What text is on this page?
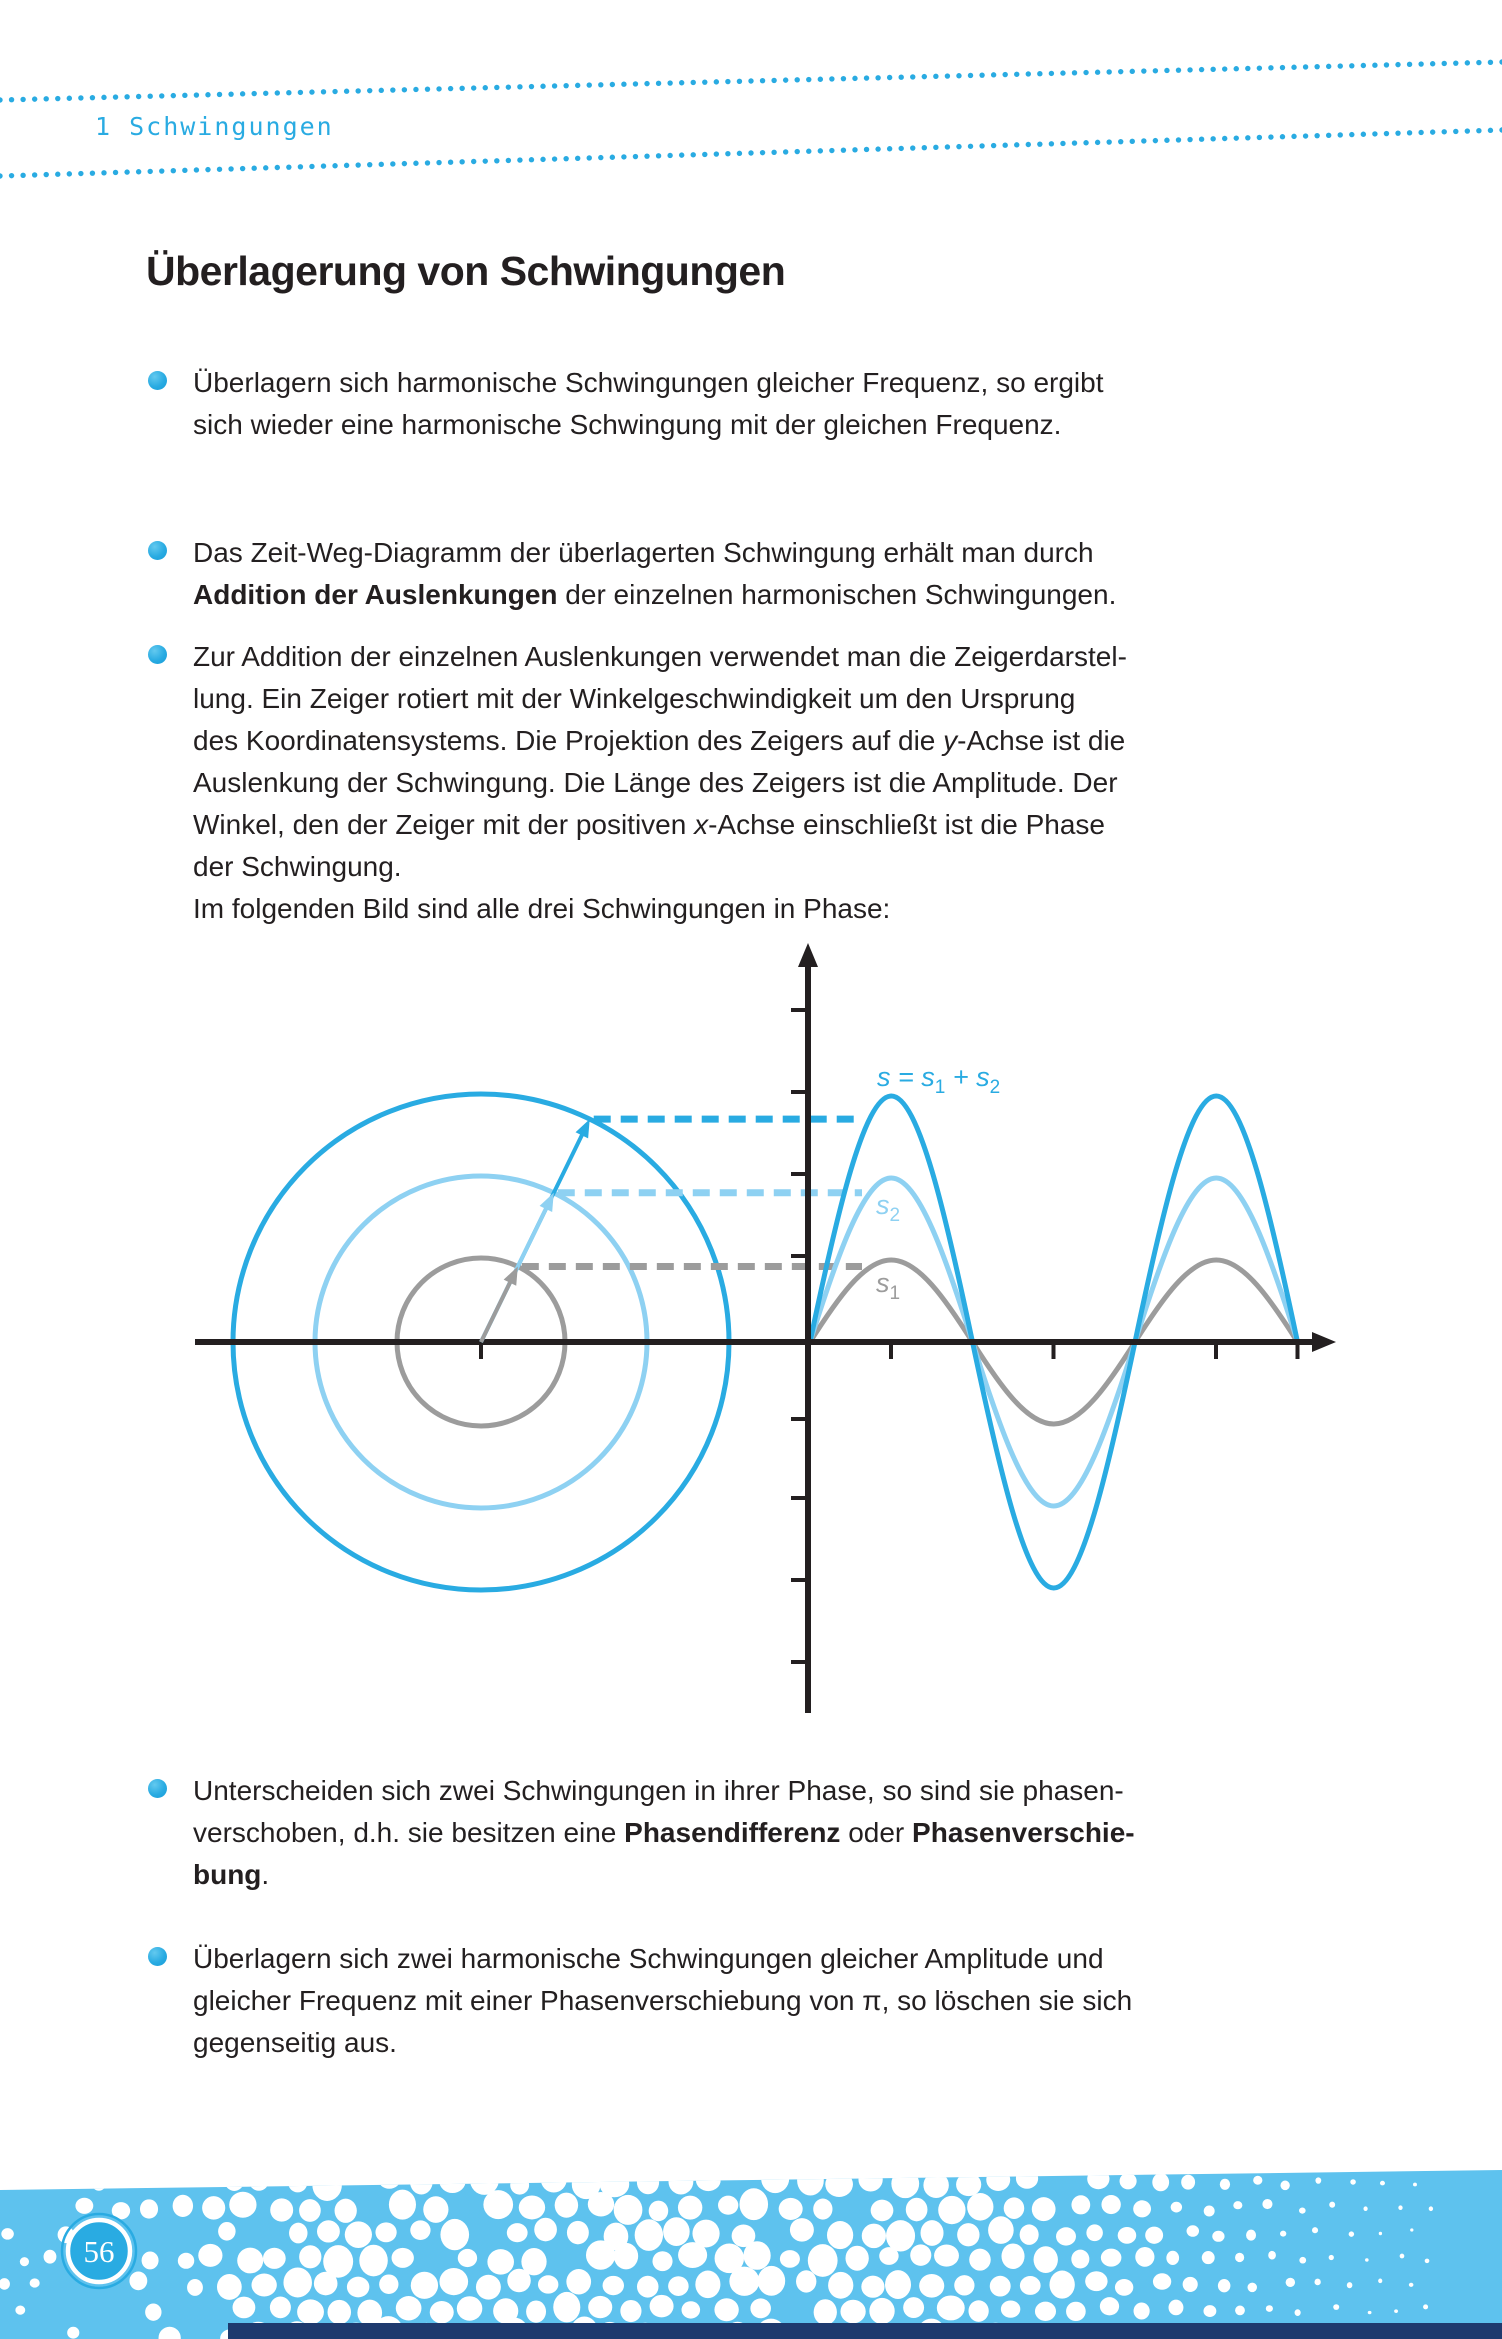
1 Schwingungen
Überlagerung von Schwingungen
Überlagern sich harmonische Schwingungen gleicher Frequenz, so ergibt
sich wieder eine harmonische Schwingung mit der gleichen Frequenz.
Das Zeit-Weg-Diagramm der überlagerten Schwingung erhält man durch
Addition der Auslenkungen der einzelnen harmonischen Schwingungen.
Zur Addition der einzelnen Auslenkungen verwendet man die Zeigerdarstel-
lung. Ein Zeiger rotiert mit der Winkelgeschwindigkeit um den Ursprung
des Koordinatensystems. Die Projektion des Zeigers auf die y-Achse ist die
Auslenkung der Schwingung. Die Länge des Zeigers ist die Amplitude. Der
Winkel, den der Zeiger mit der positiven x-Achse einschließt ist die Phase
der Schwingung.
Im folgenden Bild sind alle drei Schwingungen in Phase:
Unterscheiden sich zwei Schwingungen in ihrer Phase, so sind sie phasen-
verschoben, d.h. sie besitzen eine Phasendifferenz oder Phasenverschie-
bung.
Überlagern sich zwei harmonische Schwingungen gleicher Amplitude und
gleicher Frequenz mit einer Phasenverschiebung von π, so löschen sie sich
gegenseitig aus.
$s = s_1 + s_2$
$s_2$
$s_1$
56
